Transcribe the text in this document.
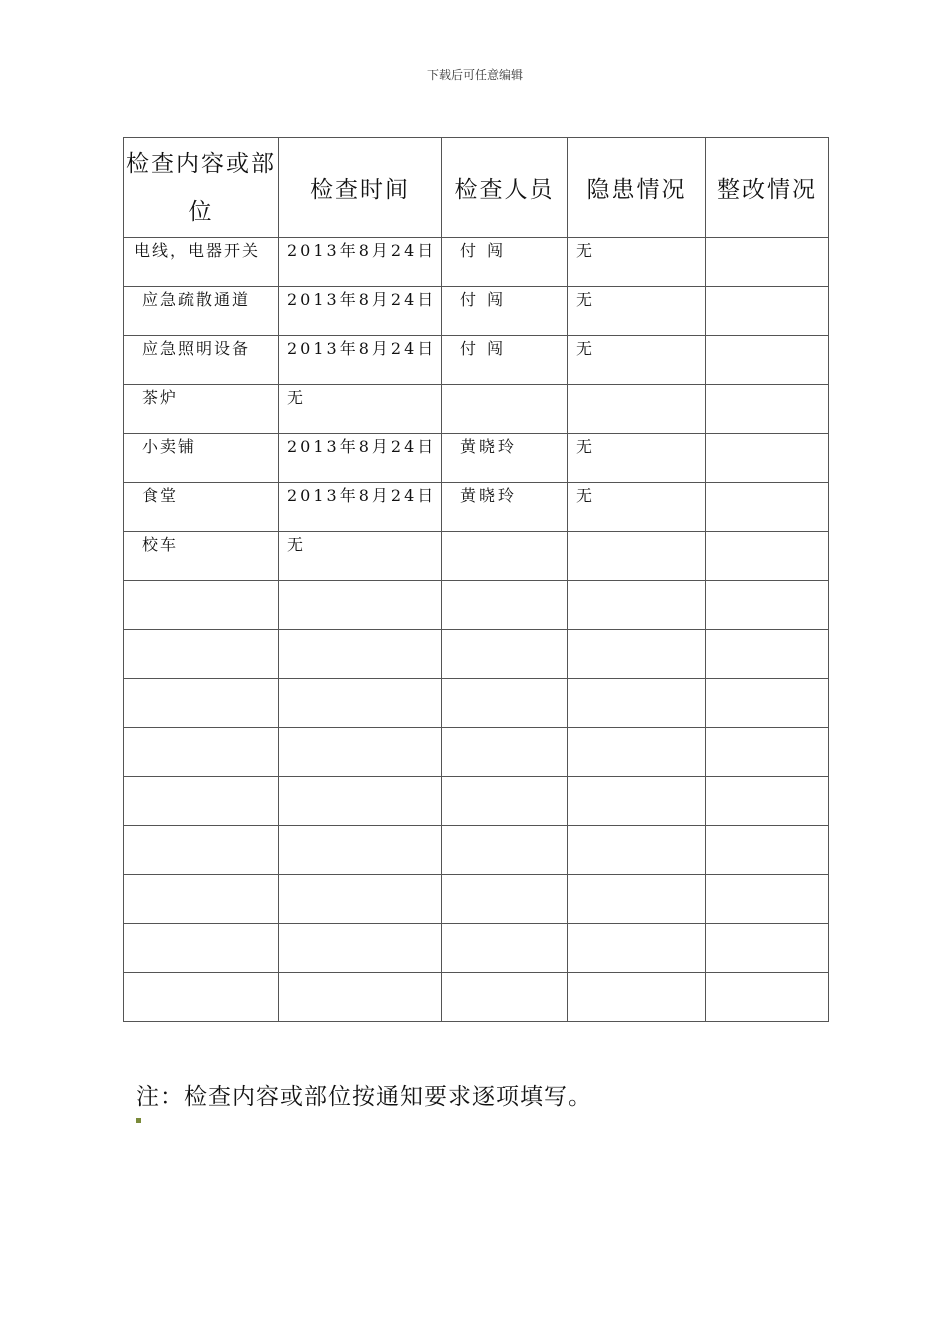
下载后可任意编辑
检查内容或部位	检查时间	检查人员	隐患情况	整改情况

电线，电器开关	2013年8月24日	付 闯	无	

应急疏散通道	2013年8月24日	付 闯	无	

应急照明设备	2013年8月24日	付 闯	无	

茶炉	无			

小卖铺	2013年8月24日	黄晓玲	无	

食堂	2013年8月24日	黄晓玲	无	

校车	无			

注：检查内容或部位按通知要求逐项填写。
